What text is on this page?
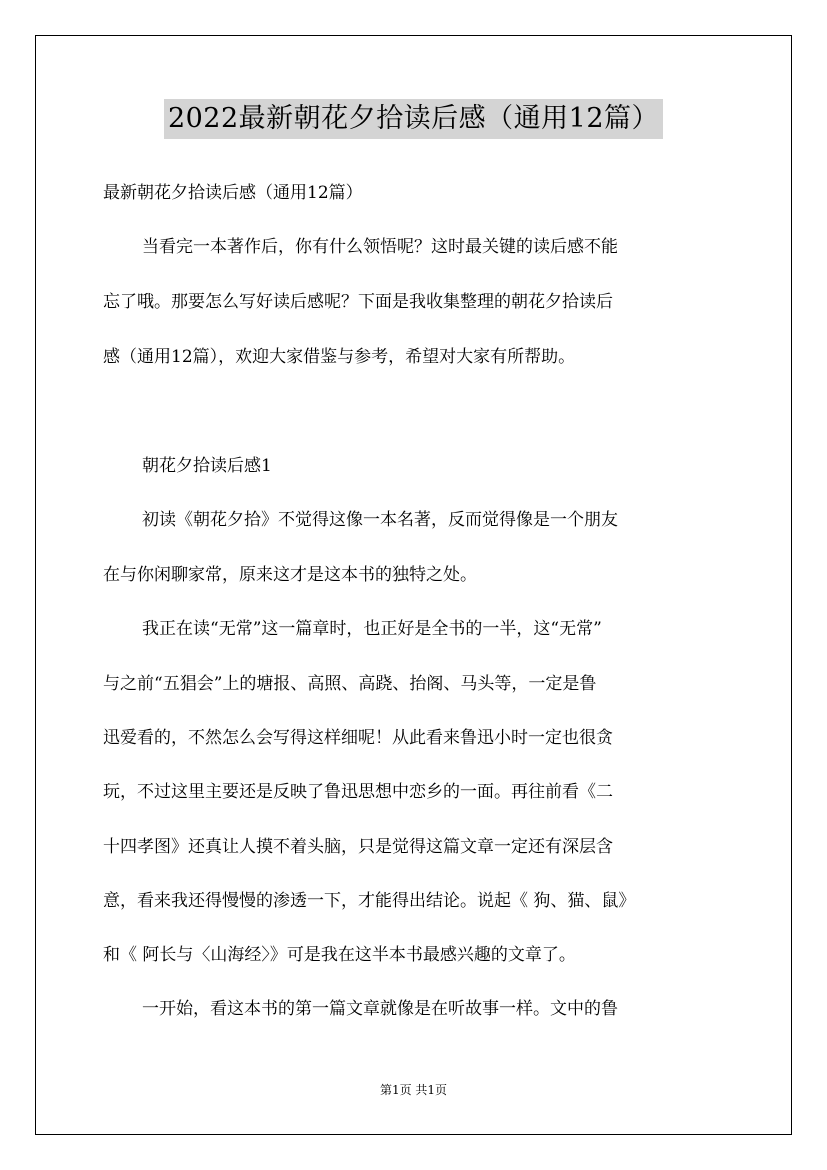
2022最新朝花夕拾读后感（通用12篇）
最新朝花夕拾读后感（通用12篇）
当看完一本著作后，你有什么领悟呢？这时最关键的读后感不能
忘了哦。那要怎么写好读后感呢？下面是我收集整理的朝花夕拾读后
感（通用12篇），欢迎大家借鉴与参考，希望对大家有所帮助。
朝花夕拾读后感1
初读《朝花夕拾》不觉得这像一本名著，反而觉得像是一个朋友
在与你闲聊家常，原来这才是这本书的独特之处。
我正在读“无常”这一篇章时，也正好是全书的一半，这“无常”
与之前“五猖会”上的塘报、高照、高跷、抬阁、马头等，一定是鲁
迅爱看的，不然怎么会写得这样细呢！从此看来鲁迅小时一定也很贪
玩，不过这里主要还是反映了鲁迅思想中恋乡的一面。再往前看《二
十四孝图》还真让人摸不着头脑，只是觉得这篇文章一定还有深层含
意，看来我还得慢慢的渗透一下，才能得出结论。说起《 狗、猫、鼠》
和《 阿长与〈山海经〉》可是我在这半本书最感兴趣的文章了。
一开始，看这本书的第一篇文章就像是在听故事一样。文中的鲁
第1页 共1页
